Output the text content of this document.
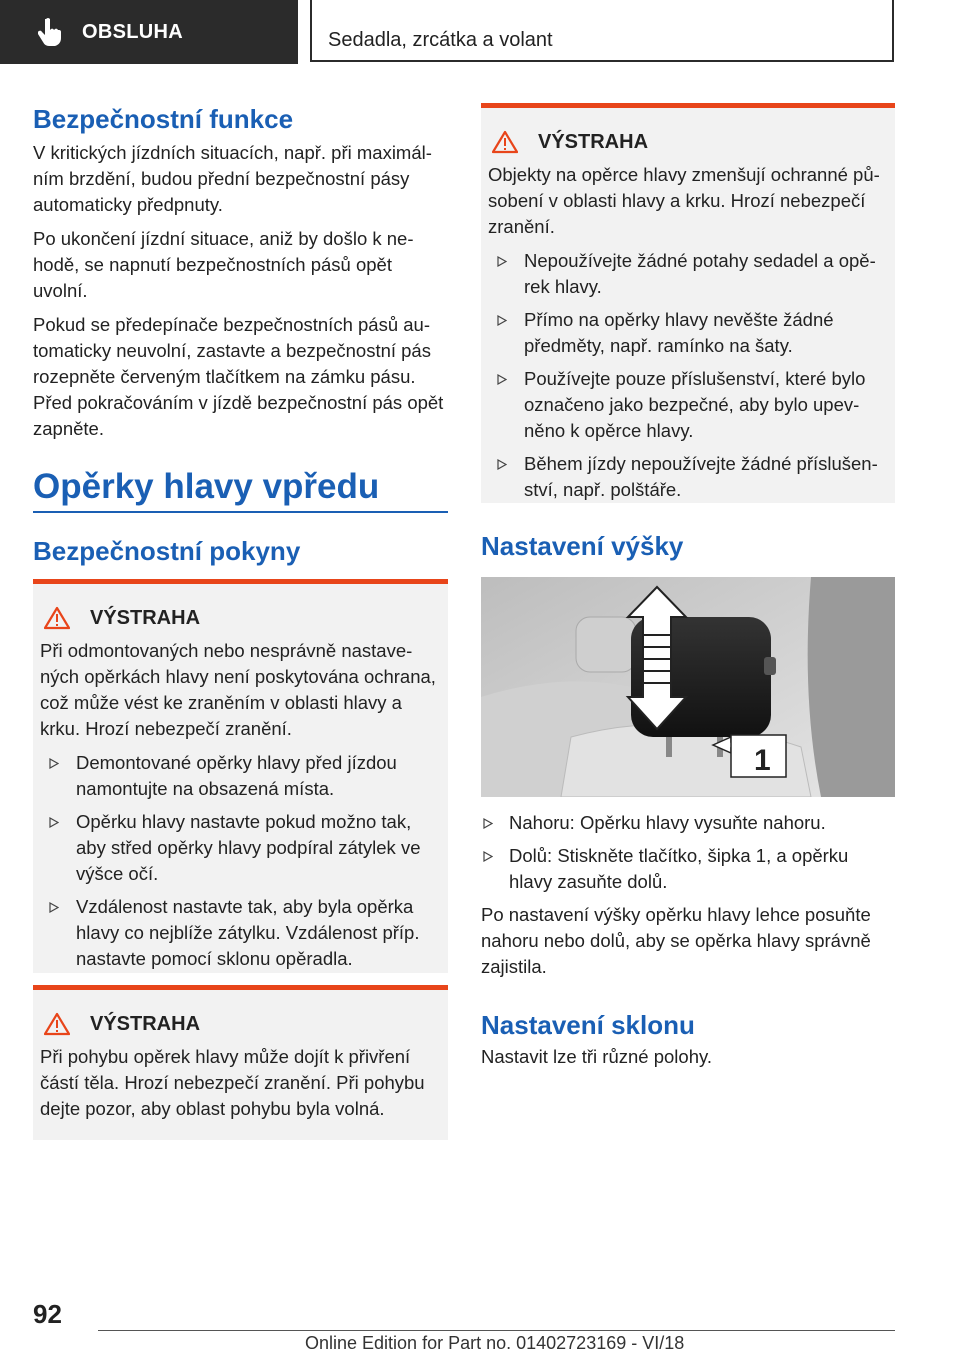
OBSLUHA	Sedadla, zrcátka a volant
Bezpečnostní funkce

V kritických jízdních situacích, např. při maximál-ním brzdění, budou přední bezpečnostní pásy automaticky předpnuty.

Po ukončení jízdní situace, aniž by došlo k ne-hodě, se napnutí bezpečnostních pásů opět uvolní.

Pokud se předepínače bezpečnostních pásů au-tomaticky neuvolní, zastavte a bezpečnostní pás rozepněte červeným tlačítkem na zámku pásu. Před pokračováním v jízdě bezpečnostní pás opět zapněte.

Opěrky hlavy vpředu
Bezpečnostní pokyny
VÝSTRAHA

Při odmontovaných nebo nesprávně nastave-ných opěrkách hlavy není poskytována ochrana, což může vést ke zraněním v oblasti hlavy a krku. Hrozí nebezpečí zranění.

Demontované opěrky hlavy před jízdou namontujte na obsazená místa.
Opěrku hlavy nastavte pokud možno tak, aby střed opěrky hlavy podpíral zátylek ve výšce očí.
Vzdálenost nastavte tak, aby byla opěrka hlavy co nejblíže zátylku. Vzdálenost příp. nastavte pomocí sklonu opěradla.
VÝSTRAHA

Při pohybu opěrek hlavy může dojít k přivření částí těla. Hrozí nebezpečí zranění. Při pohybu dejte pozor, aby oblast pohybu byla volná.

VÝSTRAHA

Objekty na opěrce hlavy zmenšují ochranné pů-sobení v oblasti hlavy a krku. Hrozí nebezpečí zranění.

Nepoužívejte žádné potahy sedadel a opě-rek hlavy.
Přímo na opěrky hlavy nevěšte žádné předměty, např. ramínko na šaty.
Používejte pouze příslušenství, které bylo označeno jako bezpečné, aby bylo upev-něno k opěrce hlavy.
Během jízdy nepoužívejte žádné příslušen-ství, např. polštáře.
Nastavení výšky
1
Nahoru: Opěrku hlavy vysuňte nahoru.
Dolů: Stiskněte tlačítko, šipka 1, a opěrku hlavy zasuňte dolů.

Po nastavení výšky opěrku hlavy lehce posuňte nahoru nebo dolů, aby se opěrka hlavy správně zajistila.

Nastavení sklonu

Nastavit lze tři různé polohy.

92
Online Edition for Part no. 01402723169 - VI/18
